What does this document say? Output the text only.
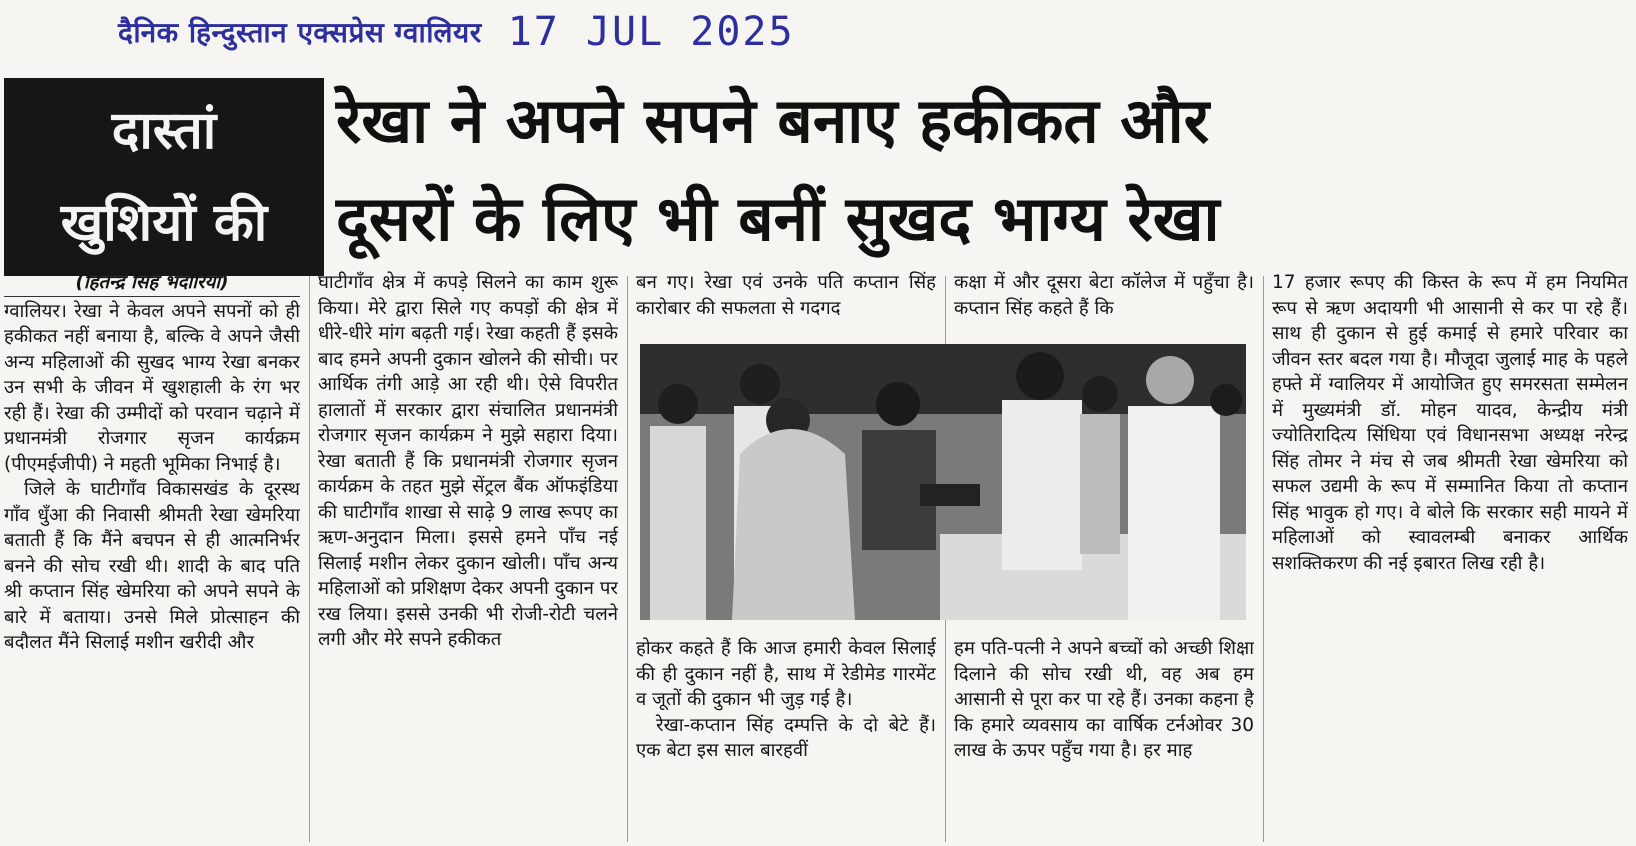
दैनिक हिन्दुस्तान एक्सप्रेस ग्वालियर 17 JUL 2025
दास्तां
खुशियों की
रेखा ने अपने सपने बनाए हकीकत और
दूसरों के लिए भी बनीं सुखद भाग्य रेखा
(हितेन्द्र सिंह भदौरिया)

ग्वालियर। रेखा ने केवल अपने सपनों को ही हकीकत नहीं बनाया है, बल्कि वे अपने जैसी अन्य महिलाओं की सुखद भाग्य रेखा बनकर उन सभी के जीवन में खुशहाली के रंग भर रही हैं। रेखा की उम्मीदों को परवान चढ़ाने में प्रधानमंत्री रोजगार सृजन कार्यक्रम (पीएमईजीपी) ने महती भूमिका निभाई है।

जिले के घाटीगाँव विकासखंड के दूरस्थ गाँव धुँआ की निवासी श्रीमती रेखा खेमरिया बताती हैं कि मैंने बचपन से ही आत्मनिर्भर बनने की सोच रखी थी। शादी के बाद पति श्री कप्तान सिंह खेमरिया को अपने सपने के बारे में बताया। उनसे मिले प्रोत्साहन की बदौलत मैंने सिलाई मशीन खरीदी और

घाटीगाँव क्षेत्र में कपड़े सिलने का काम शुरू किया। मेरे द्वारा सिले गए कपड़ों की क्षेत्र में धीरे-धीरे मांग बढ़ती गई। रेखा कहती हैं इसके बाद हमने अपनी दुकान खोलने की सोची। पर आर्थिक तंगी आड़े आ रही थी। ऐसे विपरीत हालातों में सरकार द्वारा संचालित प्रधानमंत्री रोजगार सृजन कार्यक्रम ने मुझे सहारा दिया। रेखा बताती हैं कि प्रधानमंत्री रोजगार सृजन कार्यक्रम के तहत मुझे सेंट्रल बैंक ऑफइंडिया की घाटीगाँव शाखा से साढ़े 9 लाख रूपए का ऋण-अनुदान मिला। इससे हमने पाँच नई सिलाई मशीन लेकर दुकान खोली। पाँच अन्य महिलाओं को प्रशिक्षण देकर अपनी दुकान पर रख लिया। इससे उनकी भी रोजी-रोटी चलने लगी और मेरे सपने हकीकत

बन गए। रेखा एवं उनके पति कप्तान सिंह कारोबार की सफलता से गदगद

कक्षा में और दूसरा बेटा कॉलेज में पहुँचा है। कप्तान सिंह कहते हैं कि

होकर कहते हैं कि आज हमारी केवल सिलाई की ही दुकान नहीं है, साथ में रेडीमेड गारमेंट व जूतों की दुकान भी जुड़ गई है।

रेखा-कप्तान सिंह दम्पत्ति के दो बेटे हैं। एक बेटा इस साल बारहवीं

हम पति-पत्नी ने अपने बच्चों को अच्छी शिक्षा दिलाने की सोच रखी थी, वह अब हम आसानी से पूरा कर पा रहे हैं। उनका कहना है कि हमारे व्यवसाय का वार्षिक टर्नओवर 30 लाख के ऊपर पहुँच गया है। हर माह

17 हजार रूपए की किस्त के रूप में हम नियमित रूप से ऋण अदायगी भी आसानी से कर पा रहे हैं। साथ ही दुकान से हुई कमाई से हमारे परिवार का जीवन स्तर बदल गया है। मौजूदा जुलाई माह के पहले हफ्ते में ग्वालियर में आयोजित हुए समरसता सम्मेलन में मुख्यमंत्री डॉ. मोहन यादव, केन्द्रीय मंत्री ज्योतिरादित्य सिंधिया एवं विधानसभा अध्यक्ष नरेन्द्र सिंह तोमर ने मंच से जब श्रीमती रेखा खेमरिया को सफल उद्यमी के रूप में सम्मानित किया तो कप्तान सिंह भावुक हो गए। वे बोले कि सरकार सही मायने में महिलाओं को स्वावलम्बी बनाकर आर्थिक सशक्तिकरण की नई इबारत लिख रही है।
